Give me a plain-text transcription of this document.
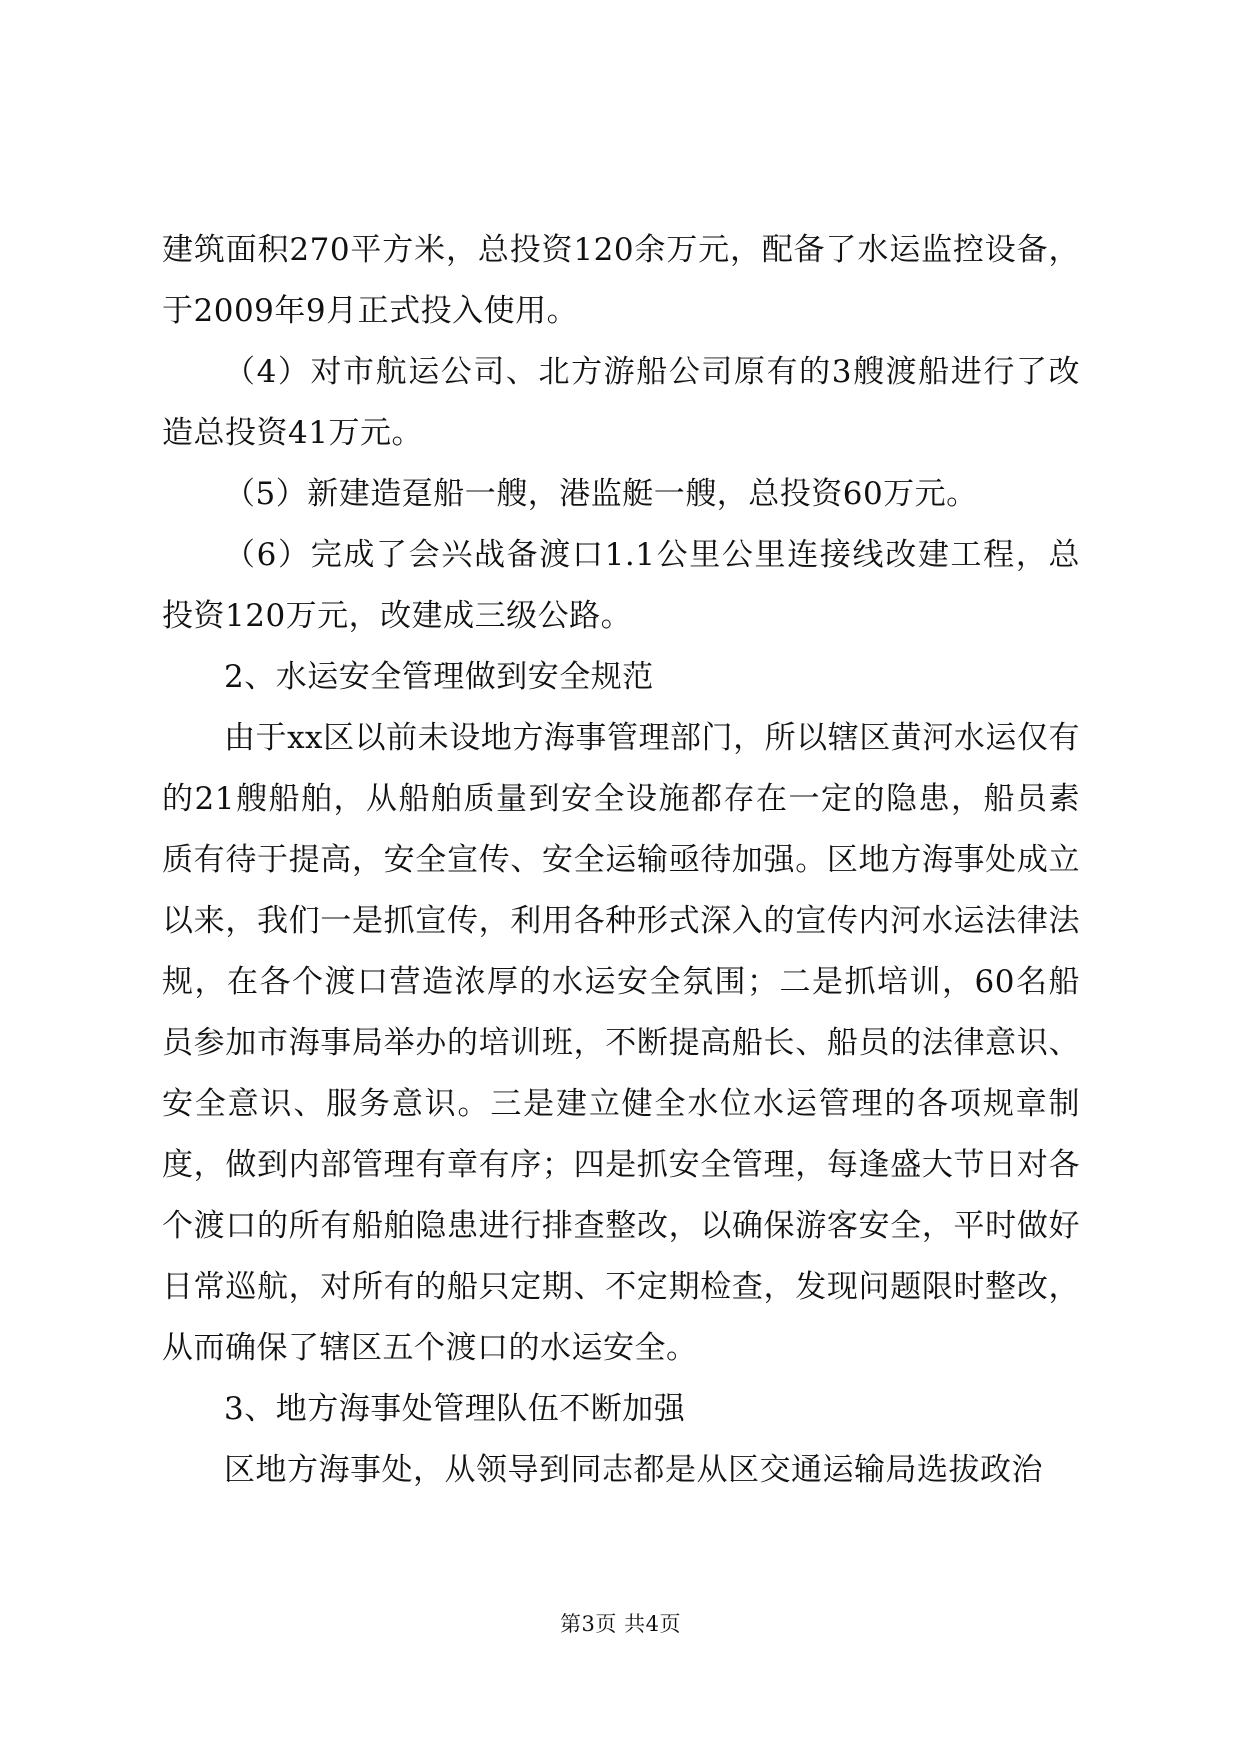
建筑面积270平方米，总投资120余万元，配备了水运监控设备，于2009年9月正式投入使用。

（4）对市航运公司、北方游船公司原有的3艘渡船进行了改造总投资41万元。

（5）新建造趸船一艘，港监艇一艘，总投资60万元。

（6）完成了会兴战备渡口1.1公里公里连接线改建工程，总投资120万元，改建成三级公路。

2、水运安全管理做到安全规范

由于xx区以前未设地方海事管理部门，所以辖区黄河水运仅有的21艘船舶，从船舶质量到安全设施都存在一定的隐患，船员素质有待于提高，安全宣传、安全运输亟待加强。区地方海事处成立以来，我们一是抓宣传，利用各种形式深入的宣传内河水运法律法规，在各个渡口营造浓厚的水运安全氛围；二是抓培训，60名船员参加市海事局举办的培训班，不断提高船长、船员的法律意识、安全意识、服务意识。三是建立健全水位水运管理的各项规章制度，做到内部管理有章有序；四是抓安全管理，每逢盛大节日对各个渡口的所有船舶隐患进行排查整改，以确保游客安全，平时做好日常巡航，对所有的船只定期、不定期检查，发现问题限时整改，从而确保了辖区五个渡口的水运安全。

3、地方海事处管理队伍不断加强

区地方海事处，从领导到同志都是从区交通运输局选拔政治

第3页 共4页
